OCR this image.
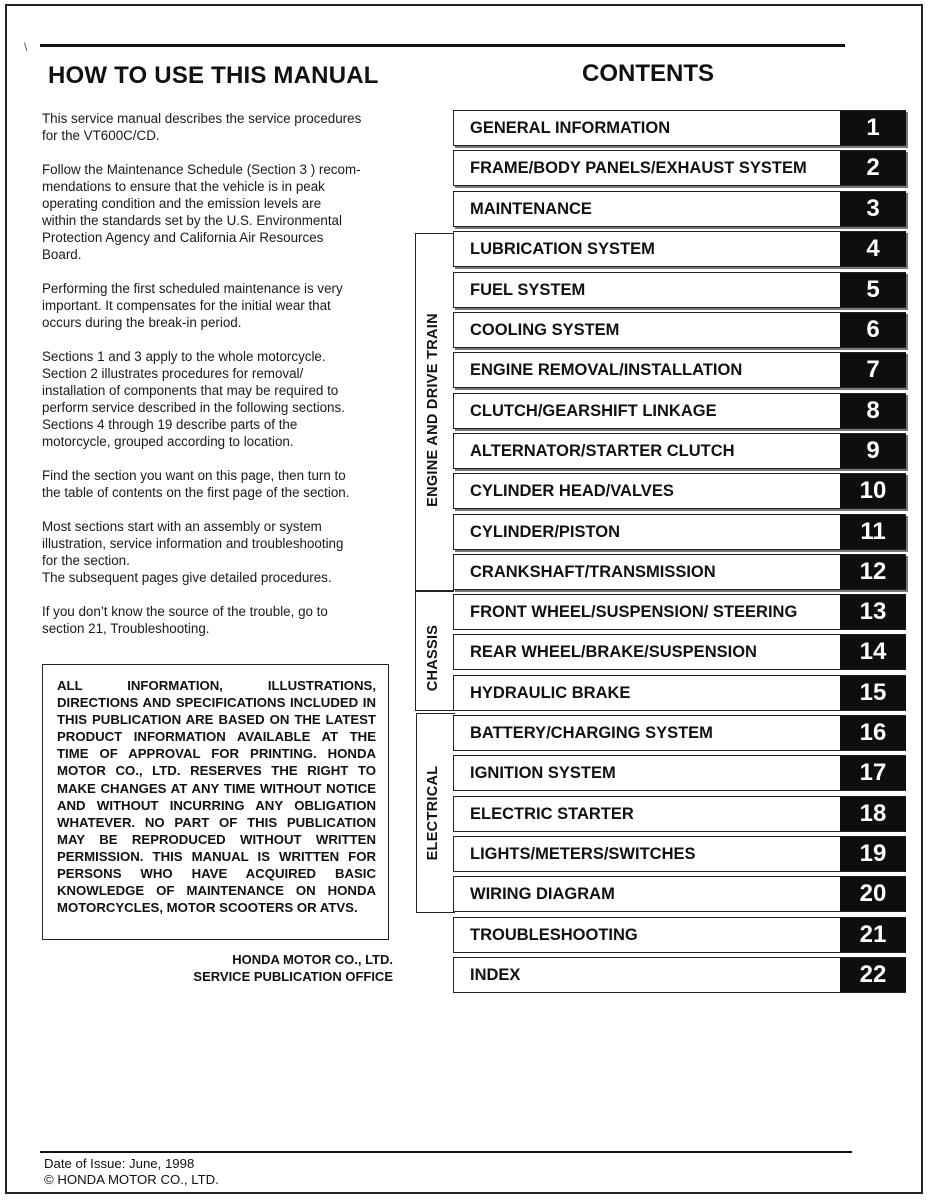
HOW TO USE THIS MANUAL	CONTENTS

This service manual describes the service procedures
for the VT600C/CD.

Follow the Maintenance Schedule (Section 3 ) recom-
mendations to ensure that the vehicle is in peak
operating condition and the emission levels are
within the standards set by the U.S. Environmental
Protection Agency and California Air Resources
Board.

Performing the first scheduled maintenance is very
important. It compensates for the initial wear that
occurs during the break-in period.

Sections 1 and 3 apply to the whole motorcycle.
Section 2 illustrates procedures for removal/
installation of components that may be required to
perform service described in the following sections.
Sections 4 through 19 describe parts of the
motorcycle, grouped according to location.

Find the section you want on this page, then turn to
the table of contents on the first page of the section.

Most sections start with an assembly or system
illustration, service information and troubleshooting
for the section.
The subsequent pages give detailed procedures.

If you don’t know the source of the trouble, go to
section 21, Troubleshooting.

ALL INFORMATION, ILLUSTRATIONS, DIRECTIONS AND SPECIFICATIONS INCLUDED IN THIS PUBLICATION ARE BASED ON THE LATEST PRODUCT INFORMATION AVAILABLE AT THE TIME OF APPROVAL FOR PRINTING. HONDA MOTOR CO., LTD. RESERVES THE RIGHT TO MAKE CHANGES AT ANY TIME WITHOUT NOTICE AND WITHOUT INCURRING ANY OBLIGATION WHATEVER. NO PART OF THIS PUBLICATION MAY BE REPRODUCED WITHOUT WRITTEN PERMISSION. THIS MANUAL IS WRITTEN FOR PERSONS WHO HAVE ACQUIRED BASIC KNOWLEDGE OF MAINTENANCE ON HONDA MOTORCYCLES, MOTOR SCOOTERS OR ATVS.

HONDA MOTOR CO., LTD.
SERVICE PUBLICATION OFFICE
ENGINE AND DRIVE TRAIN
CHASSIS
ELECTRICAL
GENERAL INFORMATION	1
FRAME/BODY PANELS/EXHAUST SYSTEM	2
MAINTENANCE	3
LUBRICATION SYSTEM	4
FUEL SYSTEM	5
COOLING SYSTEM	6
ENGINE REMOVAL/INSTALLATION	7
CLUTCH/GEARSHIFT LINKAGE	8
ALTERNATOR/STARTER CLUTCH	9
CYLINDER HEAD/VALVES	10
CYLINDER/PISTON	11
CRANKSHAFT/TRANSMISSION	12
FRONT WHEEL/SUSPENSION/ STEERING	13
REAR WHEEL/BRAKE/SUSPENSION	14
HYDRAULIC BRAKE	15
BATTERY/CHARGING SYSTEM	16
IGNITION SYSTEM	17
ELECTRIC STARTER	18
LIGHTS/METERS/SWITCHES	19
WIRING DIAGRAM	20
TROUBLESHOOTING	21
INDEX	22
Date of Issue: June, 1998
© HONDA MOTOR CO., LTD.
\
